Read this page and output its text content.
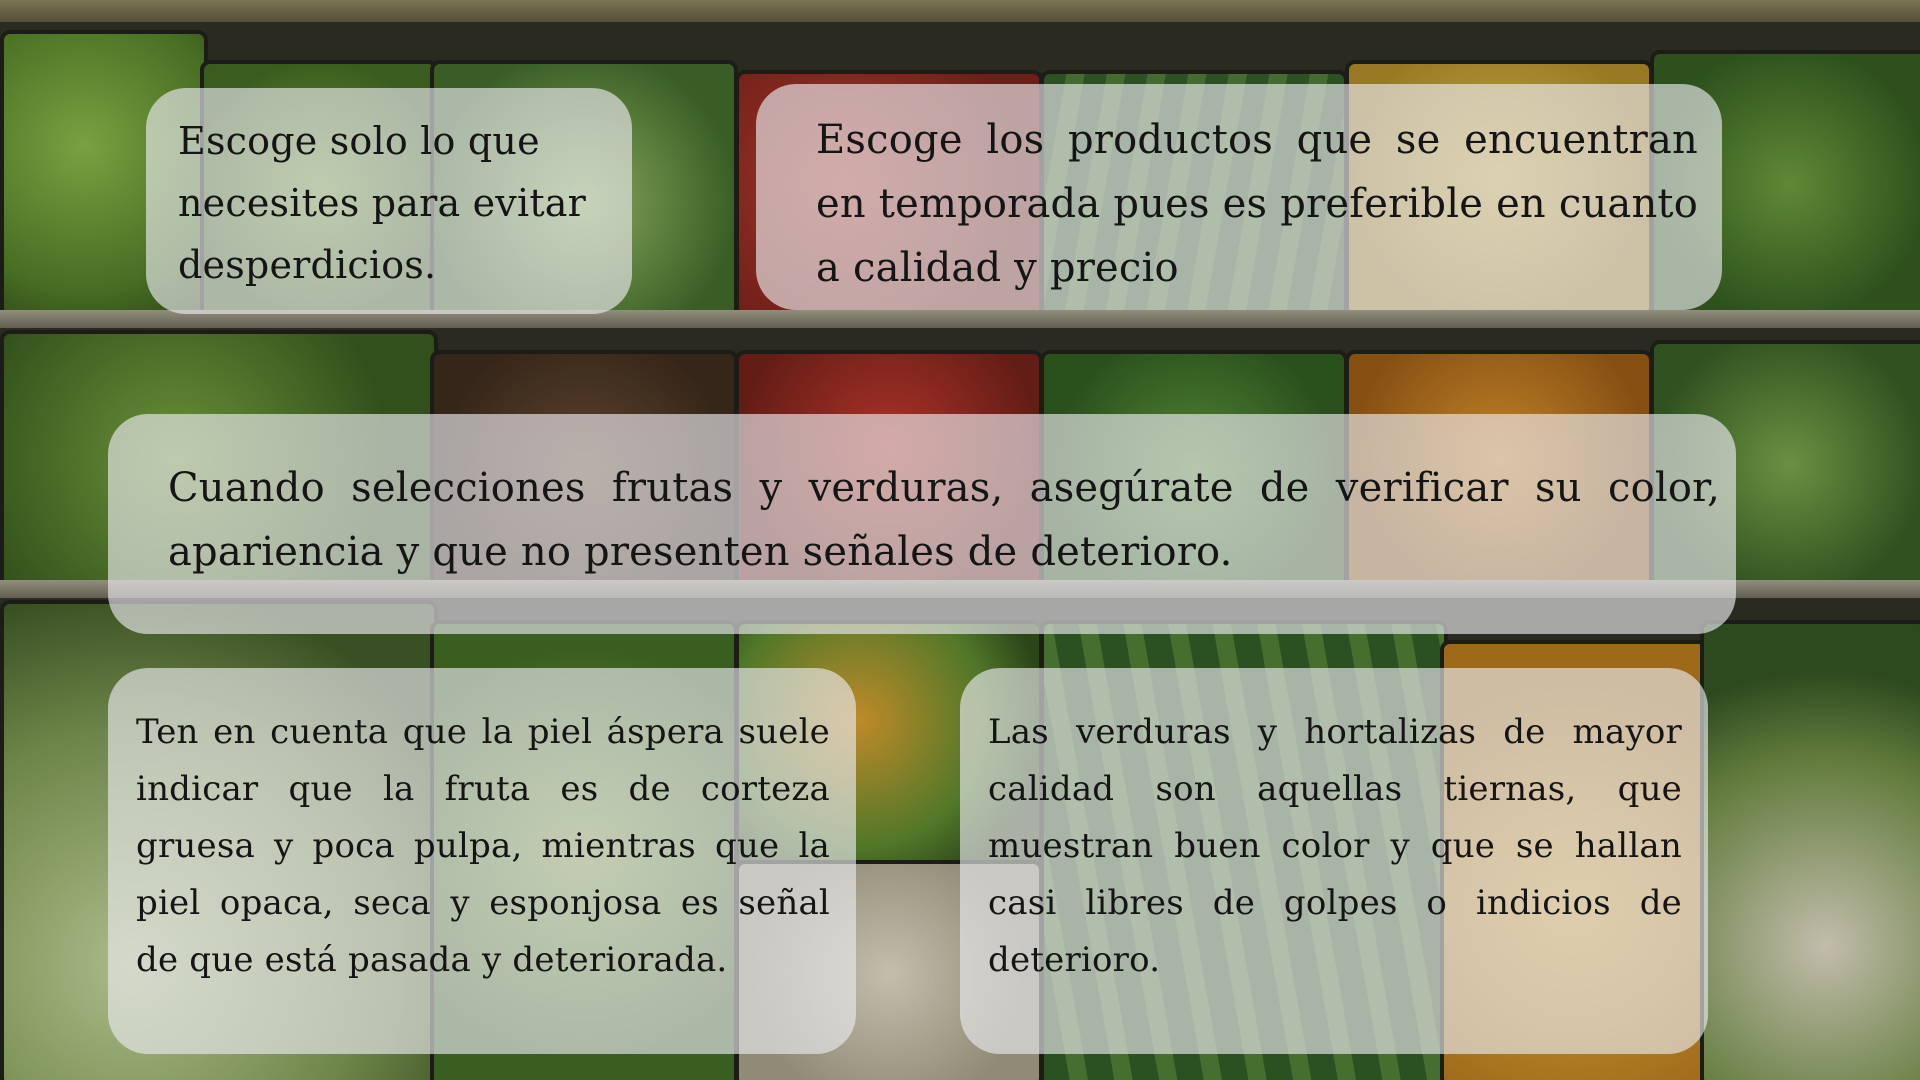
Escoge solo lo que necesites para evitar desperdicios.

Escoge los productos que se encuentran en temporada pues es preferible en cuanto a calidad y precio

Cuando selecciones frutas y verduras, asegúrate de verificar su color, apariencia y que no presenten señales de deterioro.

Ten en cuenta que la piel áspera suele indicar que la fruta es de corteza gruesa y poca pulpa, mientras que la piel opaca, seca y esponjosa es señal de que está pasada y deteriorada.

Las verduras y hortalizas de mayor calidad son aquellas tiernas, que muestran buen color y que se hallan casi libres de golpes o indicios de deterioro.
